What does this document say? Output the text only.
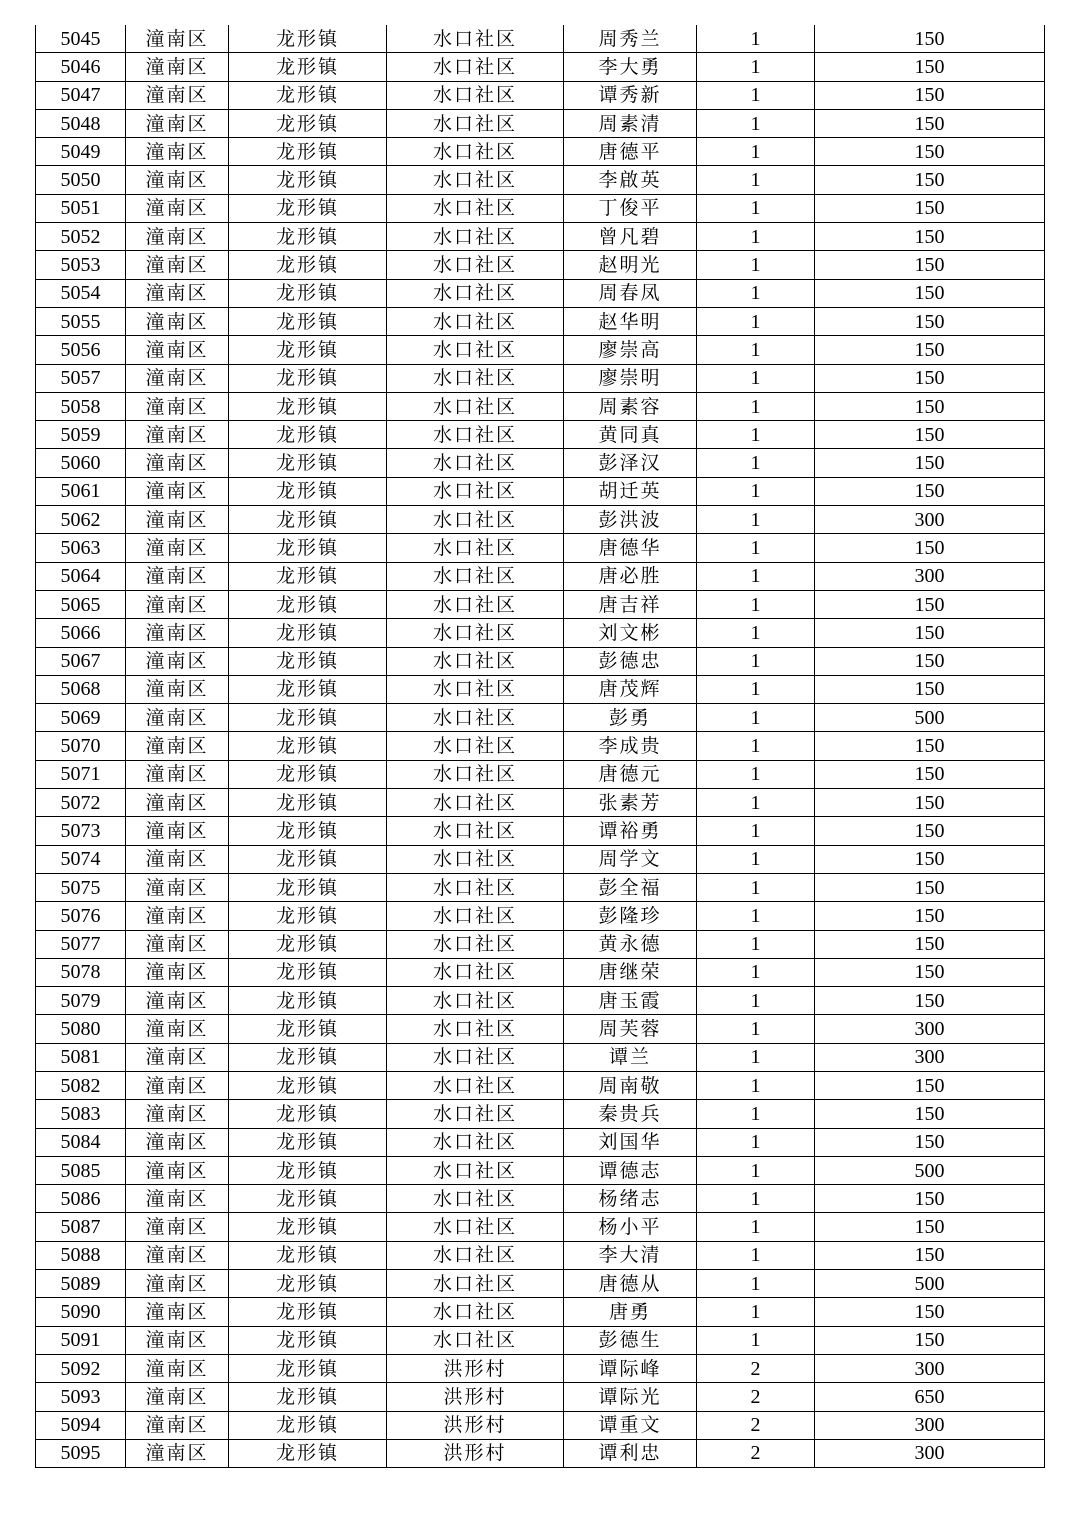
5045	潼南区	龙形镇	水口社区	周秀兰	1	150
5046	潼南区	龙形镇	水口社区	李大勇	1	150
5047	潼南区	龙形镇	水口社区	谭秀新	1	150
5048	潼南区	龙形镇	水口社区	周素清	1	150
5049	潼南区	龙形镇	水口社区	唐德平	1	150
5050	潼南区	龙形镇	水口社区	李啟英	1	150
5051	潼南区	龙形镇	水口社区	丁俊平	1	150
5052	潼南区	龙形镇	水口社区	曾凡碧	1	150
5053	潼南区	龙形镇	水口社区	赵明光	1	150
5054	潼南区	龙形镇	水口社区	周春凤	1	150
5055	潼南区	龙形镇	水口社区	赵华明	1	150
5056	潼南区	龙形镇	水口社区	廖崇高	1	150
5057	潼南区	龙形镇	水口社区	廖崇明	1	150
5058	潼南区	龙形镇	水口社区	周素容	1	150
5059	潼南区	龙形镇	水口社区	黄同真	1	150
5060	潼南区	龙形镇	水口社区	彭泽汉	1	150
5061	潼南区	龙形镇	水口社区	胡迁英	1	150
5062	潼南区	龙形镇	水口社区	彭洪波	1	300
5063	潼南区	龙形镇	水口社区	唐德华	1	150
5064	潼南区	龙形镇	水口社区	唐必胜	1	300
5065	潼南区	龙形镇	水口社区	唐吉祥	1	150
5066	潼南区	龙形镇	水口社区	刘文彬	1	150
5067	潼南区	龙形镇	水口社区	彭德忠	1	150
5068	潼南区	龙形镇	水口社区	唐茂辉	1	150
5069	潼南区	龙形镇	水口社区	彭勇	1	500
5070	潼南区	龙形镇	水口社区	李成贵	1	150
5071	潼南区	龙形镇	水口社区	唐德元	1	150
5072	潼南区	龙形镇	水口社区	张素芳	1	150
5073	潼南区	龙形镇	水口社区	谭裕勇	1	150
5074	潼南区	龙形镇	水口社区	周学文	1	150
5075	潼南区	龙形镇	水口社区	彭全福	1	150
5076	潼南区	龙形镇	水口社区	彭隆珍	1	150
5077	潼南区	龙形镇	水口社区	黄永德	1	150
5078	潼南区	龙形镇	水口社区	唐继荣	1	150
5079	潼南区	龙形镇	水口社区	唐玉霞	1	150
5080	潼南区	龙形镇	水口社区	周芙蓉	1	300
5081	潼南区	龙形镇	水口社区	谭兰	1	300
5082	潼南区	龙形镇	水口社区	周南敬	1	150
5083	潼南区	龙形镇	水口社区	秦贵兵	1	150
5084	潼南区	龙形镇	水口社区	刘国华	1	150
5085	潼南区	龙形镇	水口社区	谭德志	1	500
5086	潼南区	龙形镇	水口社区	杨绪志	1	150
5087	潼南区	龙形镇	水口社区	杨小平	1	150
5088	潼南区	龙形镇	水口社区	李大清	1	150
5089	潼南区	龙形镇	水口社区	唐德从	1	500
5090	潼南区	龙形镇	水口社区	唐勇	1	150
5091	潼南区	龙形镇	水口社区	彭德生	1	150
5092	潼南区	龙形镇	洪形村	谭际峰	2	300
5093	潼南区	龙形镇	洪形村	谭际光	2	650
5094	潼南区	龙形镇	洪形村	谭重文	2	300
5095	潼南区	龙形镇	洪形村	谭利忠	2	300
